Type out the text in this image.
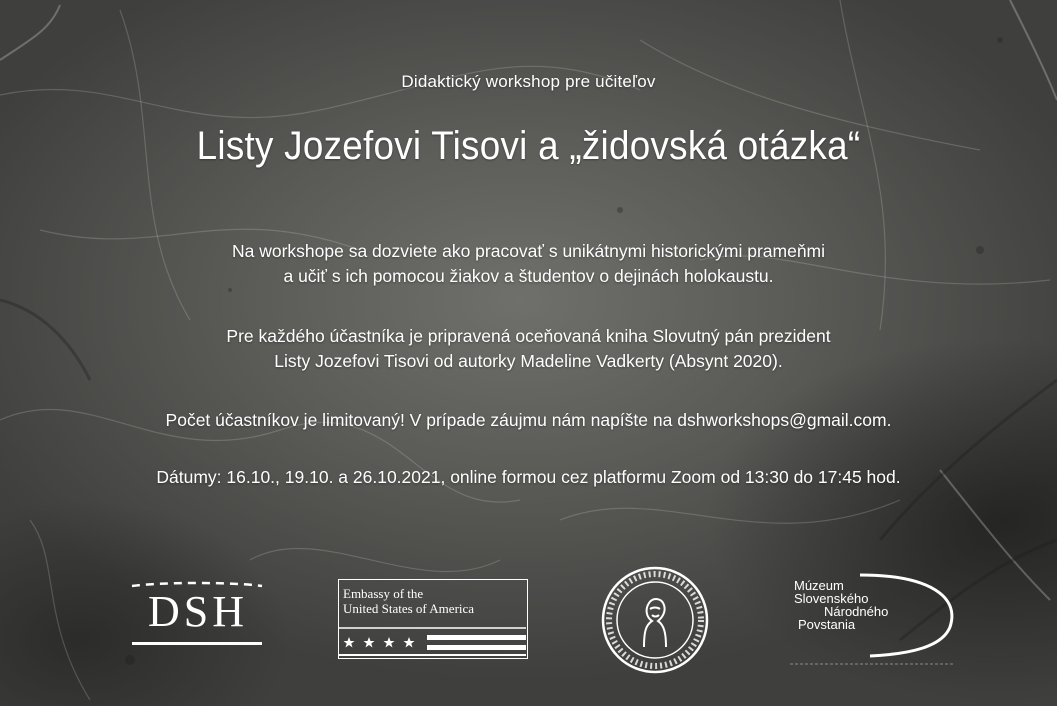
Didaktický workshop pre učiteľov
Listy Jozefovi Tisovi a „židovská otázka“
Na workshope sa dozviete ako pracovať s unikátnymi historickými prameňmi
a učiť s ich pomocou žiakov a študentov o dejinách holokaustu.
Pre každého účastníka je pripravená oceňovaná kniha Slovutný pán prezident
Listy Jozefovi Tisovi od autorky Madeline Vadkerty (Absynt 2020).
Počet účastníkov je limitovaný! V prípade záujmu nám napíšte na dshworkshops@gmail.com.
Dátumy: 16.10., 19.10. a 26.10.2021, online formou cez platformu Zoom od 13:30 do 17:45 hod.
DSH	Embassy of the
United States of America
Múzeum
Slovenského
Národného
Povstania
